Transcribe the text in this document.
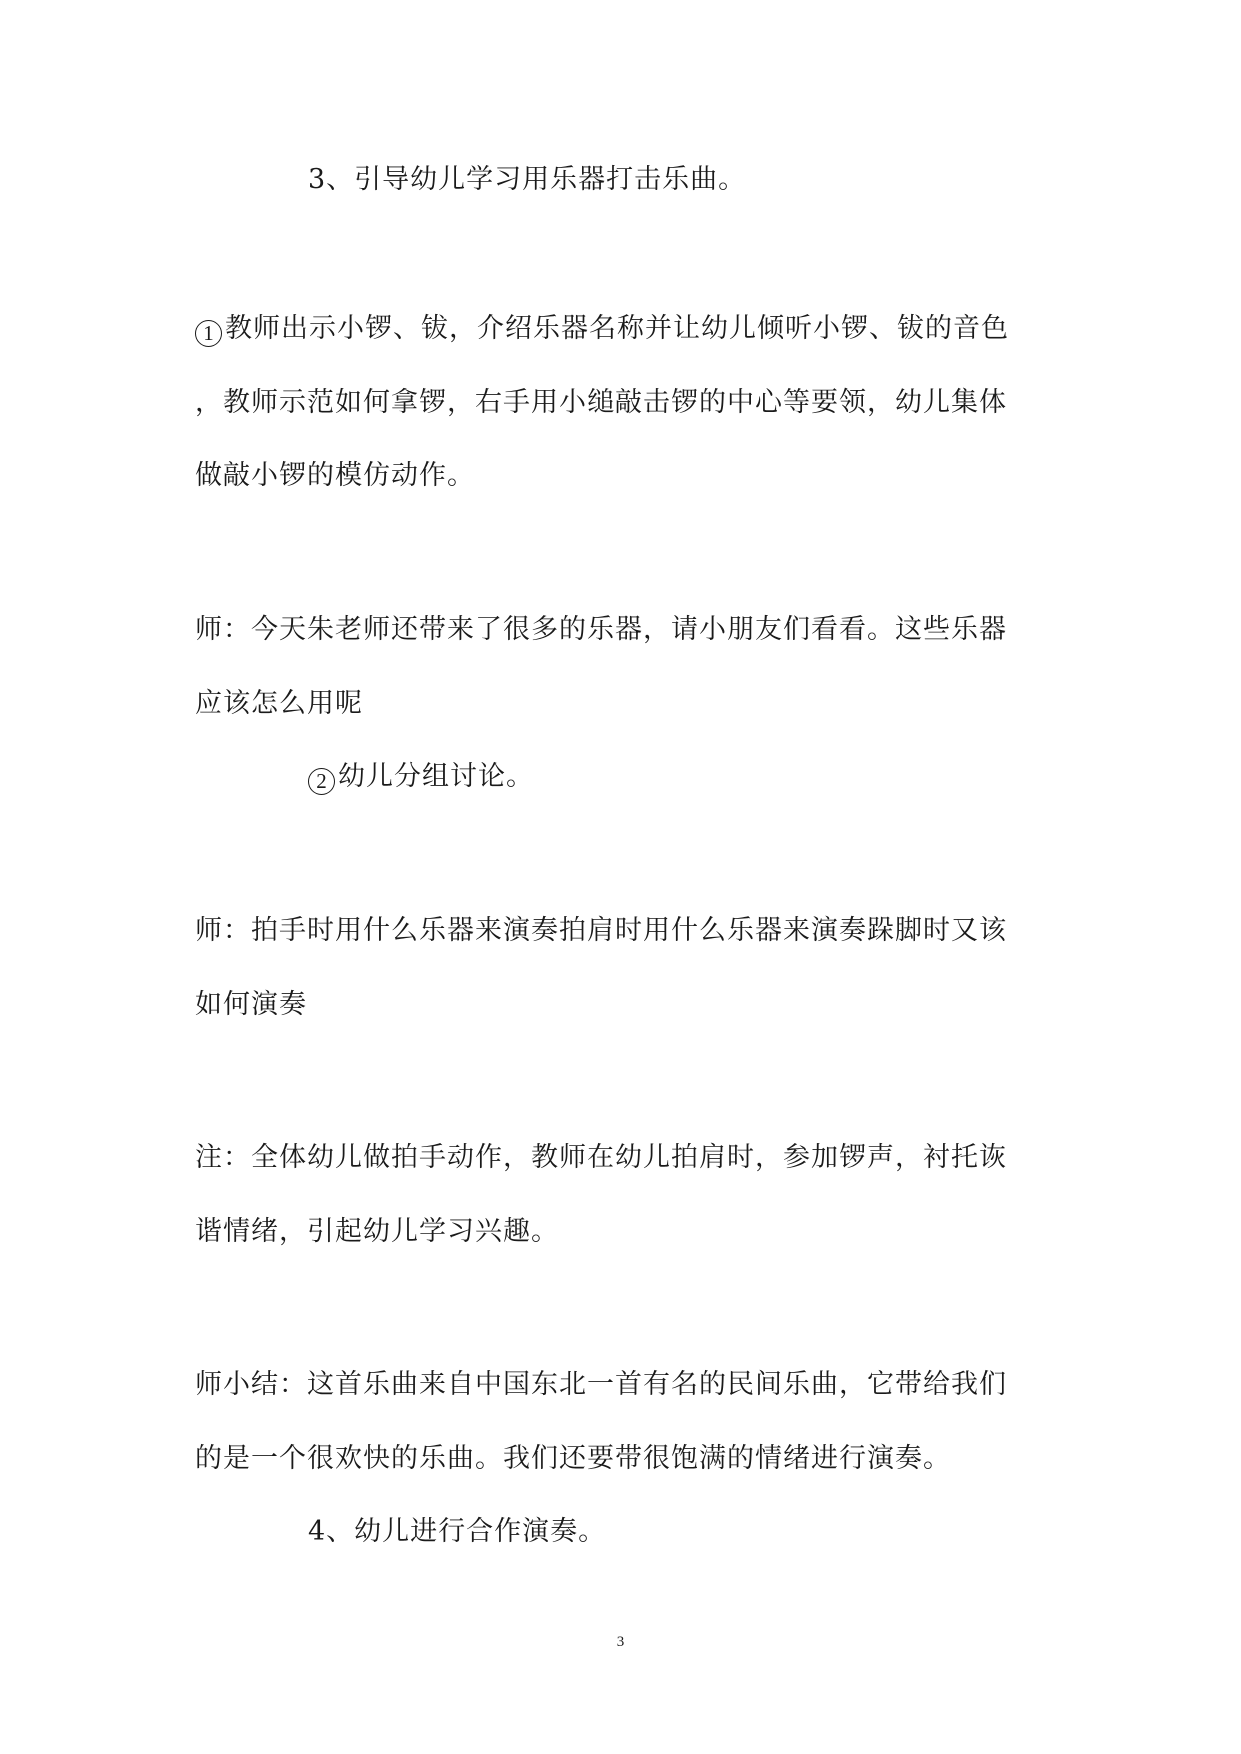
3、引导幼儿学习用乐器打击乐曲。
1 教师出示小锣、钹，介绍乐器名称并让幼儿倾听小锣、钹的音色
，教师示范如何拿锣，右手用小缒敲击锣的中心等要领，幼儿集体
做敲小锣的模仿动作。
师：今天朱老师还带来了很多的乐器，请小朋友们看看。这些乐器
应该怎么用呢
2 幼儿分组讨论。
师：拍手时用什么乐器来演奏拍肩时用什么乐器来演奏跺脚时又该
如何演奏
注：全体幼儿做拍手动作，教师在幼儿拍肩时，参加锣声，衬托诙
谐情绪，引起幼儿学习兴趣。
师小结：这首乐曲来自中国东北一首有名的民间乐曲，它带给我们
的是一个很欢快的乐曲。我们还要带很饱满的情绪进行演奏。
4、幼儿进行合作演奏。
3
